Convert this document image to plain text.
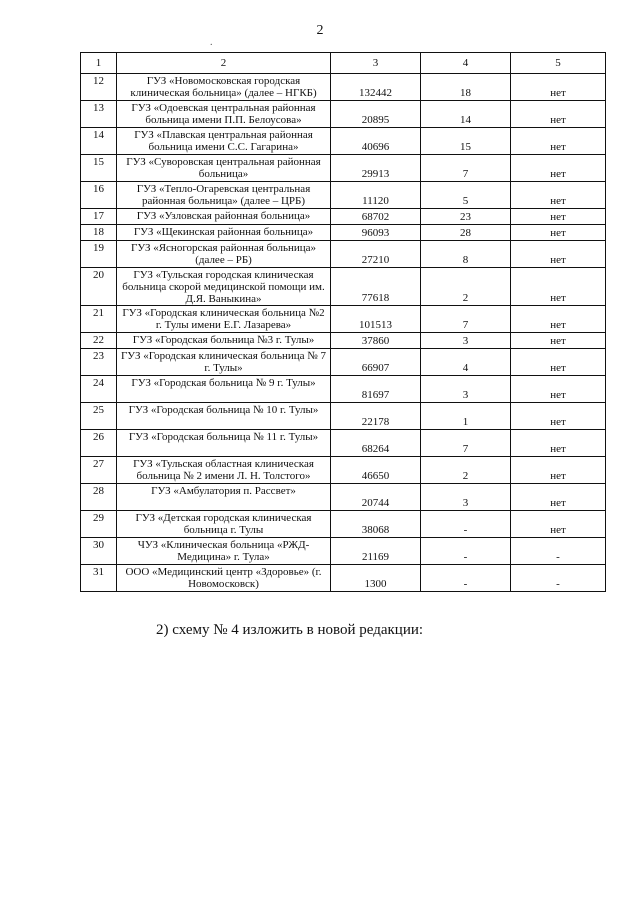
2
.
1	2	3	4	5
12	ГУЗ «Новомосковская городская клиническая больница» (далее – НГКБ)	132442	18	нет
13	ГУЗ «Одоевская центральная районная больница имени П.П. Белоусова»	20895	14	нет
14	ГУЗ «Плавская центральная районная больница имени С.С. Гагарина»	40696	15	нет
15	ГУЗ «Суворовская центральная районная больница»	29913	7	нет
16	ГУЗ «Тепло-Огаревская центральная районная больница» (далее – ЦРБ)	11120	5	нет
17	ГУЗ «Узловская районная больница»	68702	23	нет
18	ГУЗ «Щекинская районная больница»	96093	28	нет
19	ГУЗ «Ясногорская районная больница» (далее – РБ)	27210	8	нет
20	ГУЗ «Тульская городская клиническая больница скорой медицинской помощи им. Д.Я. Ваныкина»	77618	2	нет
21	ГУЗ «Городская клиническая больница №2 г. Тулы имени Е.Г. Лазарева»	101513	7	нет
22	ГУЗ «Городская больница №3 г. Тулы»	37860	3	нет
23	ГУЗ «Городская клиническая больница № 7 г. Тулы»	66907	4	нет
24	ГУЗ «Городская больница № 9 г. Тулы»	81697	3	нет
25	ГУЗ «Городская больница № 10 г. Тулы»	22178	1	нет
26	ГУЗ «Городская больница № 11 г. Тулы»	68264	7	нет
27	ГУЗ «Тульская областная клиническая больница № 2 имени Л. Н. Толстого»	46650	2	нет
28	ГУЗ «Амбулатория п. Рассвет»	20744	3	нет
29	ГУЗ «Детская городская клиническая больница г. Тулы	38068	-	нет
30	ЧУЗ «Клиническая больница «РЖД-Медицина» г. Тула»	21169	-	-
31	ООО «Медицинский центр «Здоровье» (г. Новомосковск)	1300	-	-
2) схему № 4 изложить в новой редакции:
